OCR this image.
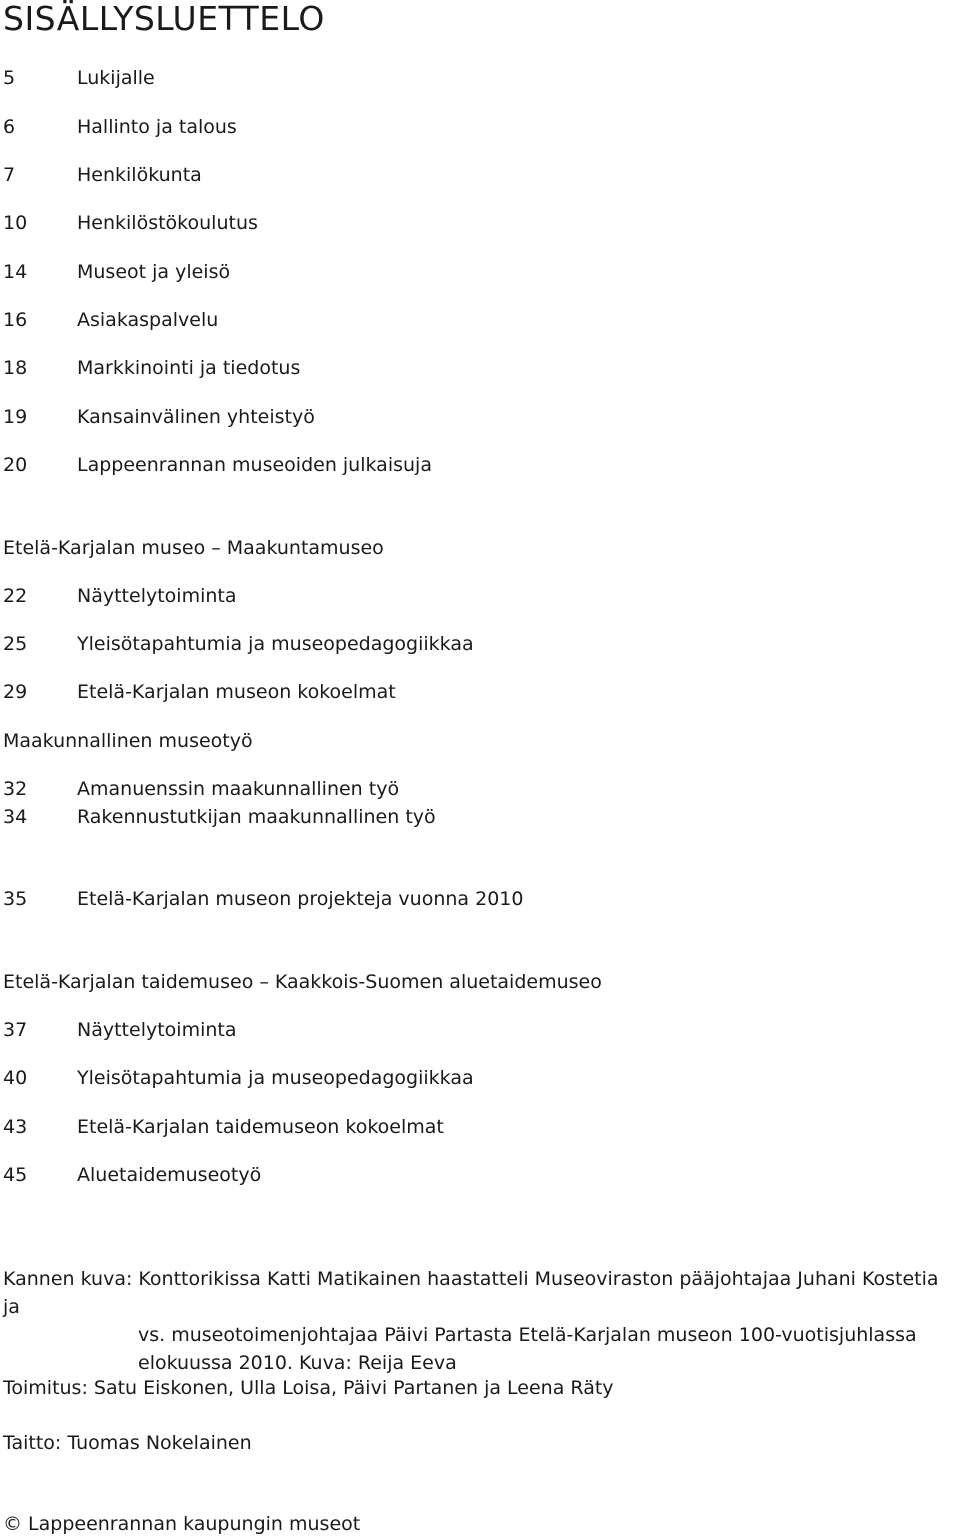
SISÄLLYSLUETTELO
5	Lukijalle
6	Hallinto ja talous
7	Henkilökunta
10	Henkilöstökoulutus
14	Museot ja yleisö
16	Asiakaspalvelu
18	Markkinointi ja tiedotus
19	Kansainvälinen yhteistyö
20	Lappeenrannan museoiden julkaisuja
Etelä-Karjalan museo – Maakuntamuseo
22	Näyttelytoiminta
25	Yleisötapahtumia ja museopedagogiikkaa
29	Etelä-Karjalan museon kokoelmat
Maakunnallinen museotyö
32	Amanuenssin maakunnallinen työ
34	Rakennustutkijan maakunnallinen työ
35	Etelä-Karjalan museon projekteja vuonna 2010
Etelä-Karjalan taidemuseo – Kaakkois-Suomen aluetaidemuseo
37	Näyttelytoiminta
40	Yleisötapahtumia ja museopedagogiikkaa
43	Etelä-Karjalan taidemuseon kokoelmat
45	Aluetaidemuseotyö
Kannen kuva: Konttorikissa Katti Matikainen haastatteli Museoviraston pääjohtajaa Juhani Kostetia ja
vs. museotoimenjohtajaa Päivi Partasta Etelä-Karjalan museon 100-vuotisjuhlassa
elokuussa 2010. Kuva: Reija Eeva
Toimitus: Satu Eiskonen, Ulla Loisa, Päivi Partanen ja Leena Räty
Taitto: Tuomas Nokelainen
© Lappeenrannan kaupungin museot
